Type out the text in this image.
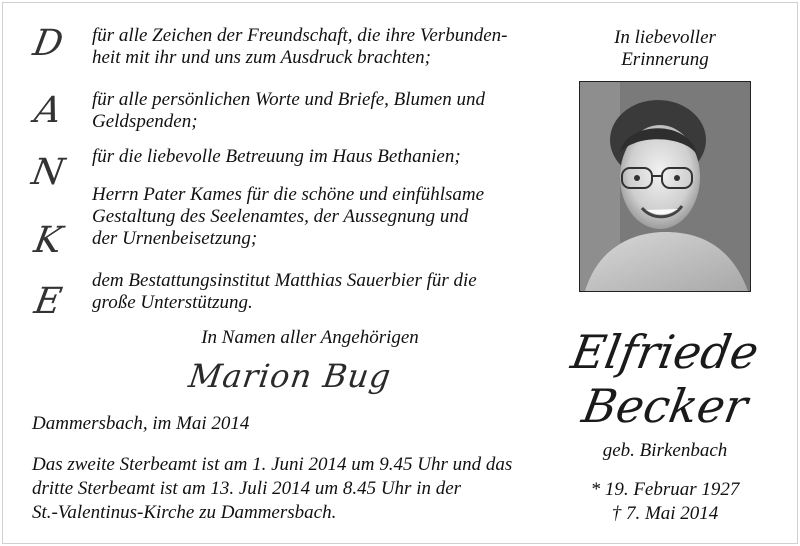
D
A
N
K
E
für alle Zeichen der Freundschaft, die ihre Verbunden-
heit mit ihr und uns zum Ausdruck brachten;
für alle persönlichen Worte und Briefe, Blumen und
Geldspenden;
für die liebevolle Betreuung im Haus Bethanien;
Herrn Pater Kames für die schöne und einfühlsame
Gestaltung des Seelenamtes, der Aussegnung und
der Urnenbeisetzung;
dem Bestattungsinstitut Matthias Sauerbier für die
große Unterstützung.
In Namen aller Angehörigen
Marion Bug
Dammersbach, im Mai 2014
Das zweite Sterbeamt ist am 1. Juni 2014 um 9.45 Uhr und das
dritte Sterbeamt ist am 13. Juli 2014 um 8.45 Uhr in der
St.-Valentinus-Kirche zu Dammersbach.
In liebevoller
Erinnerung
Elfriede
Becker
geb. Birkenbach
* 19. Februar 1927
† 7. Mai 2014
